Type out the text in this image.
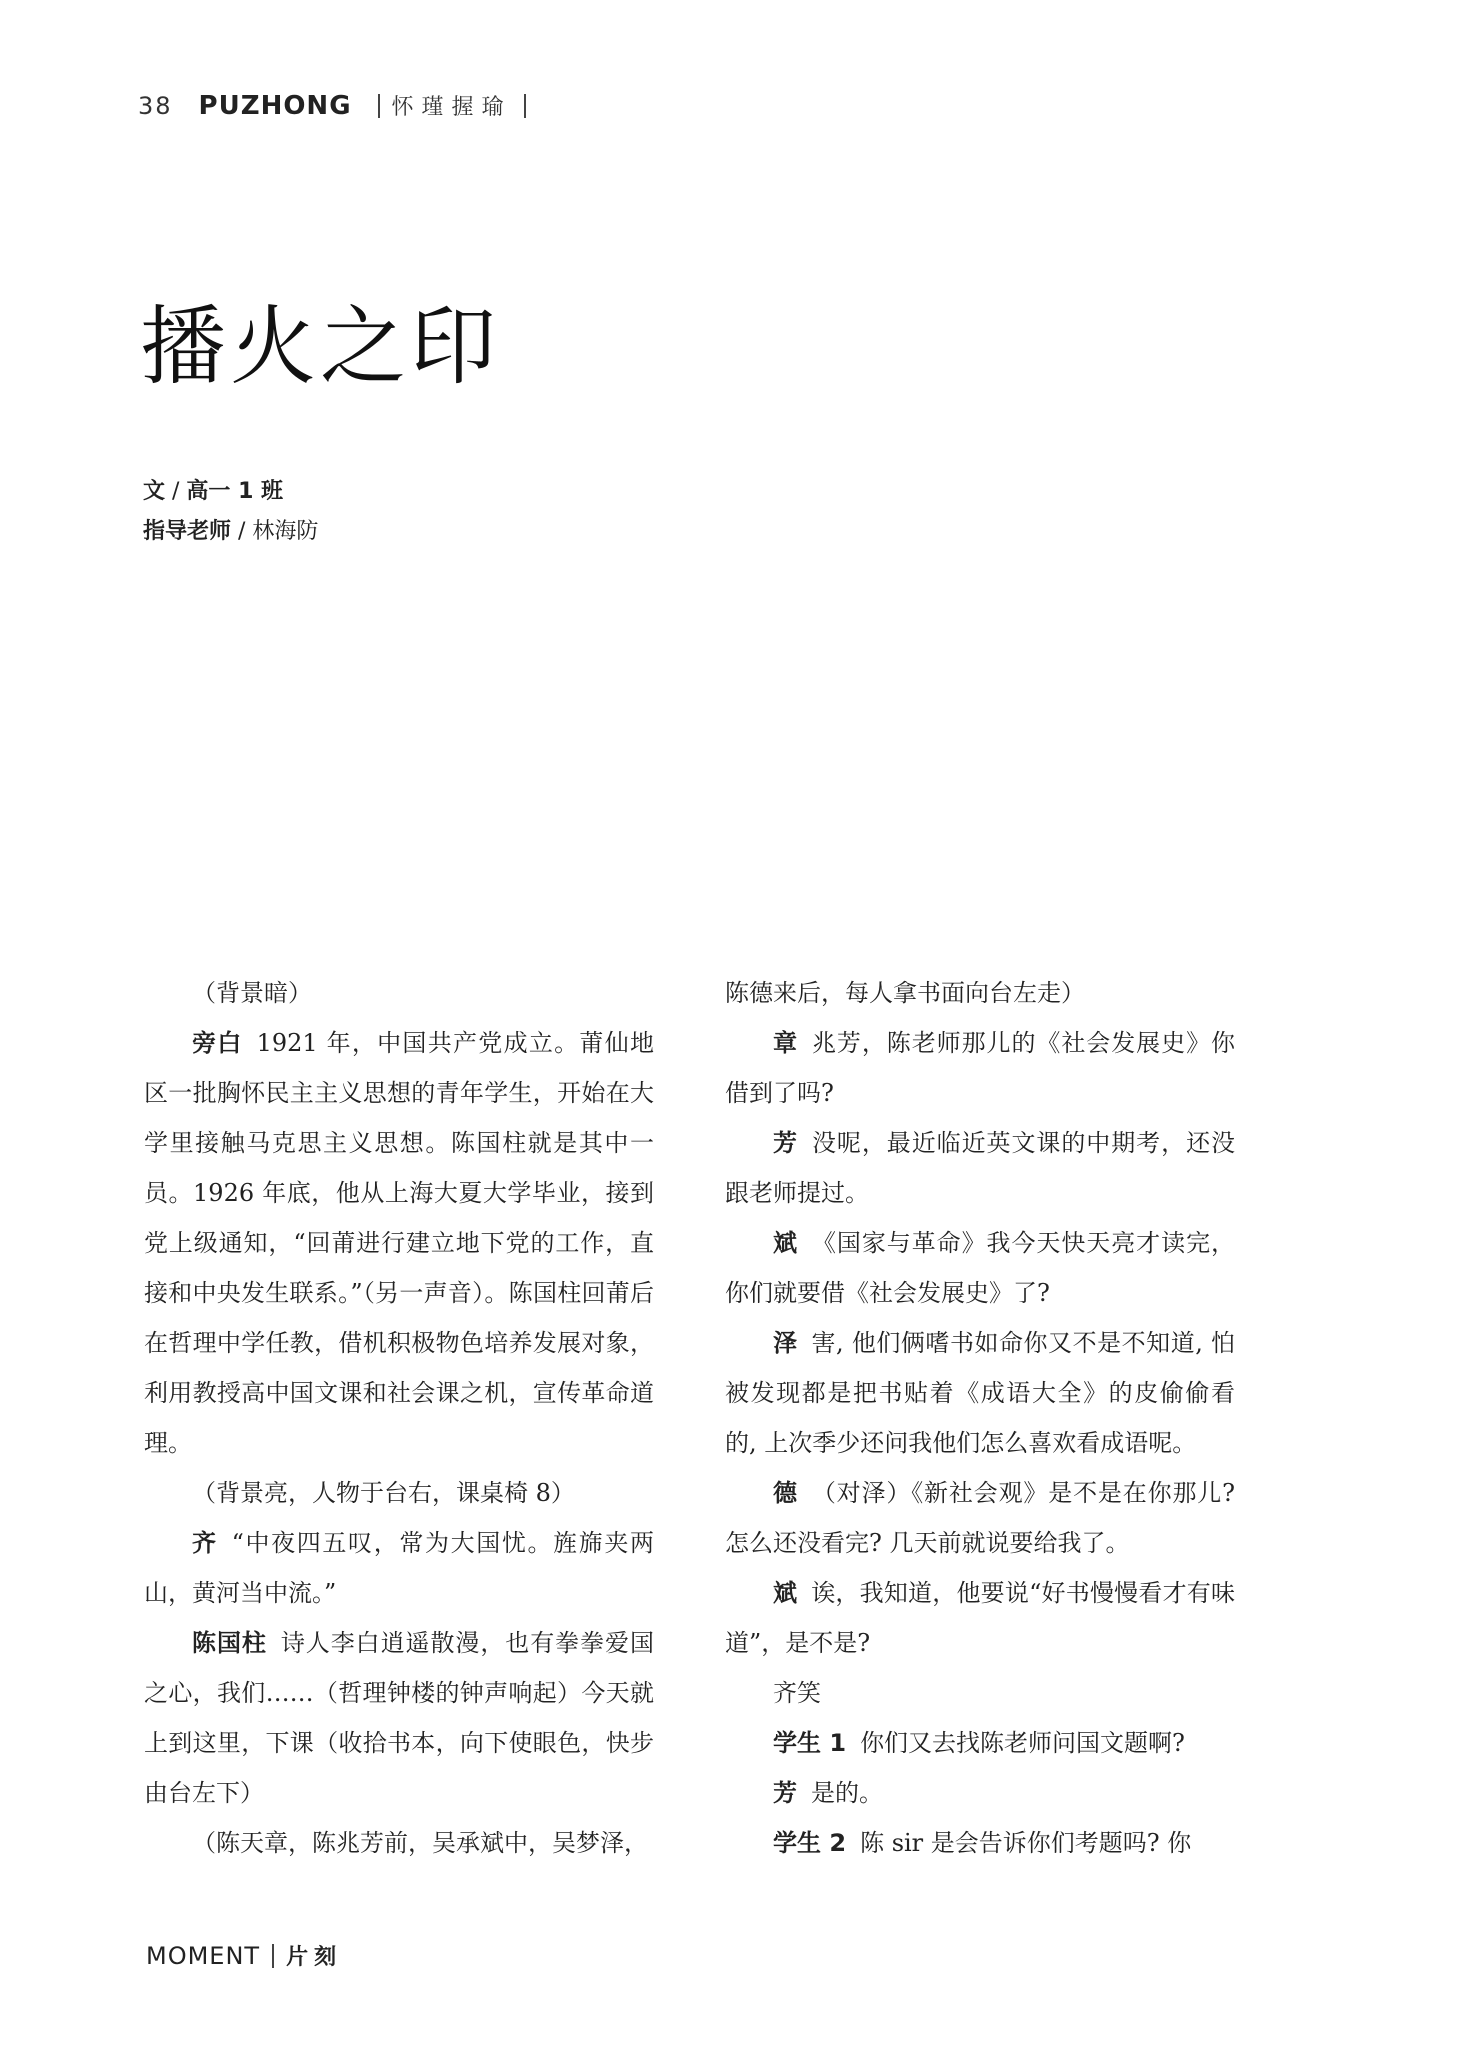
38 PUZHONG 怀瑾握瑜
播火之印
文 / 高一 1 班
指导老师 / 林海防

（背景暗）

旁白 1921 年，中国共产党成立。莆仙地区一批胸怀民主主义思想的青年学生，开始在大学里接触马克思主义思想。陈国柱就是其中一员。1926 年底，他从上海大夏大学毕业，接到党上级通知，“回莆进行建立地下党的工作，直接和中央发生联系。”（另一声音）。陈国柱回莆后在哲理中学任教，借机积极物色培养发展对象，利用教授高中国文课和社会课之机，宣传革命道理。

（背景亮，人物于台右，课桌椅 8）

齐 “中夜四五叹，常为大国忧。旌旆夹两山，黄河当中流。”

陈国柱 诗人李白逍遥散漫，也有拳拳爱国之心，我们……（哲理钟楼的钟声响起）今天就上到这里，下课（收拾书本，向下使眼色，快步由台左下）

（陈天章，陈兆芳前，吴承斌中，吴梦泽，

陈德来后，每人拿书面向台左走）

章 兆芳，陈老师那儿的《社会发展史》你借到了吗?

芳 没呢，最近临近英文课的中期考，还没跟老师提过。

斌 《国家与革命》我今天快天亮才读完，你们就要借《社会发展史》了?

泽 害, 他们俩嗜书如命你又不是不知道, 怕被发现都是把书贴着《成语大全》的皮偷偷看的, 上次季少还问我他们怎么喜欢看成语呢。

德 （对泽）《新社会观》是不是在你那儿? 怎么还没看完? 几天前就说要给我了。

斌 诶，我知道，他要说“好书慢慢看才有味道”，是不是?

齐笑

学生 1 你们又去找陈老师问国文题啊?

芳 是的。

学生 2 陈 sir 是会告诉你们考题吗? 你

MOMENT 片刻
